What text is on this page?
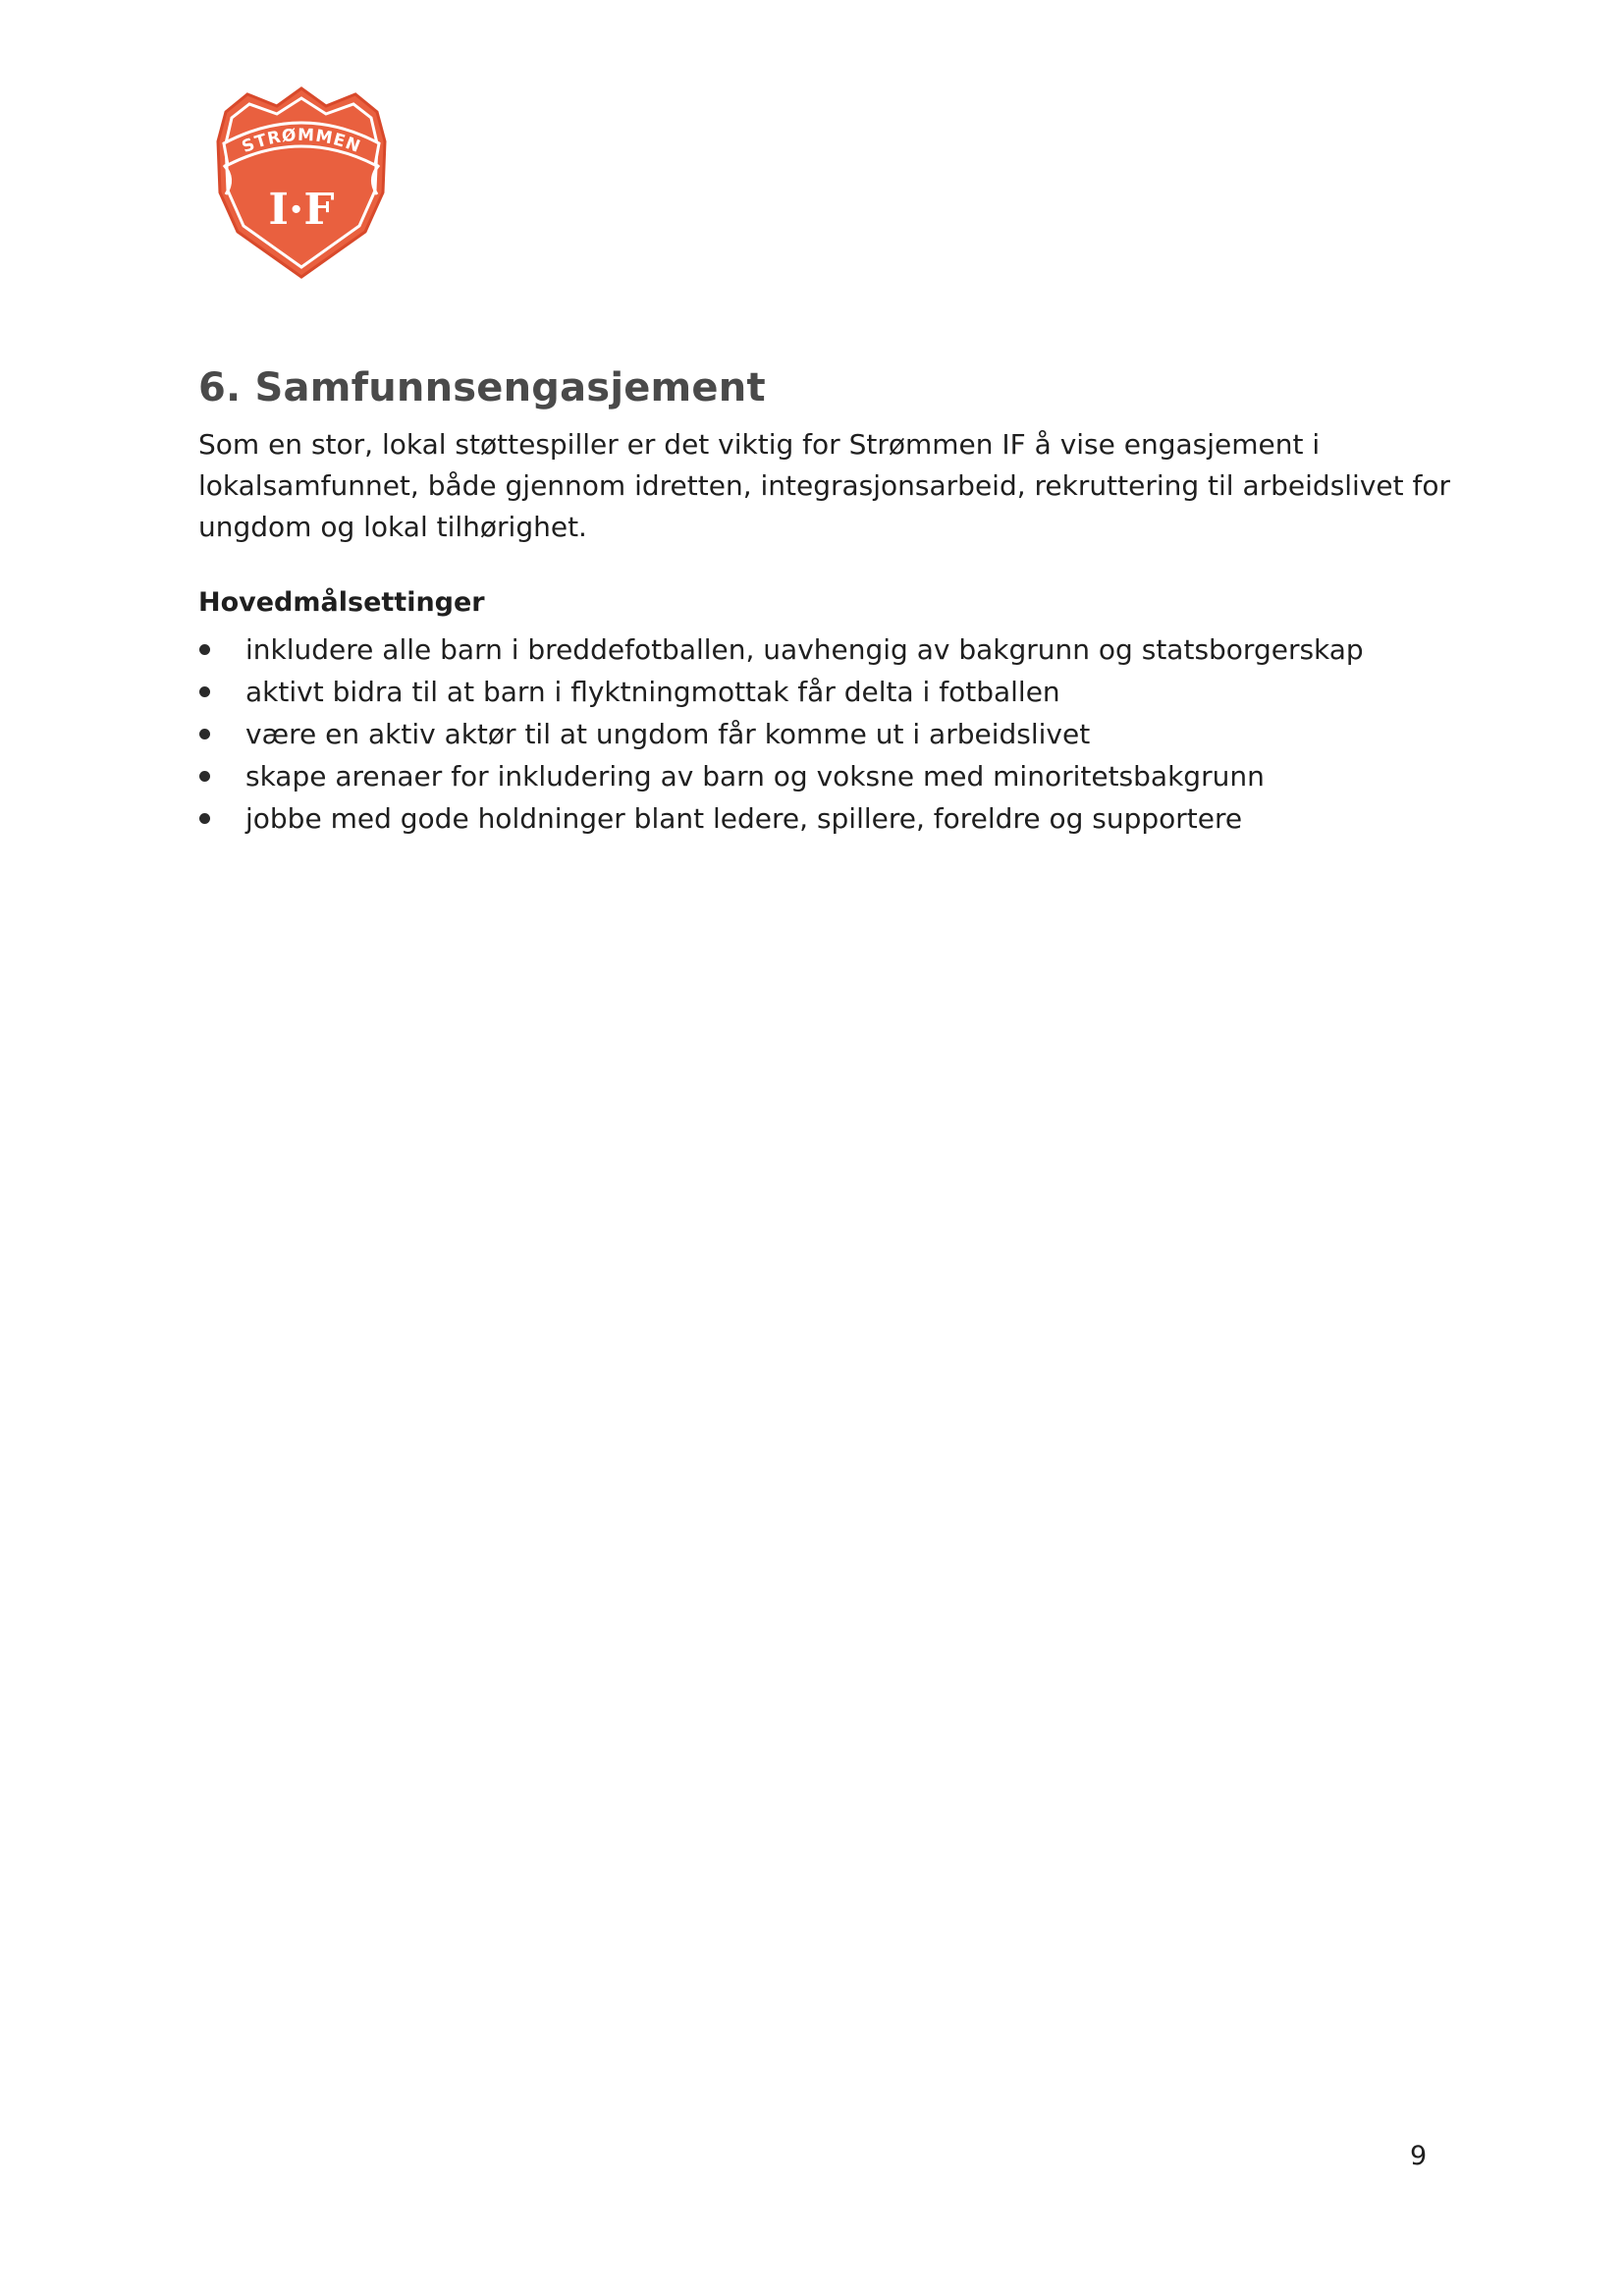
STRØMMEN
I·F
6. Samfunnsengasjement

Som en stor, lokal støttespiller er det viktig for Strømmen IF å vise engasjement i lokalsamfunnet, både gjennom idretten, integrasjonsarbeid, rekruttering til arbeidslivet for ungdom og lokal tilhørighet.

Hovedmålsettinger
inkludere alle barn i breddefotballen, uavhengig av bakgrunn og statsborgerskap
aktivt bidra til at barn i flyktningmottak får delta i fotballen
være en aktiv aktør til at ungdom får komme ut i arbeidslivet
skape arenaer for inkludering av barn og voksne med minoritetsbakgrunn
jobbe med gode holdninger blant ledere, spillere, foreldre og supportere
9
